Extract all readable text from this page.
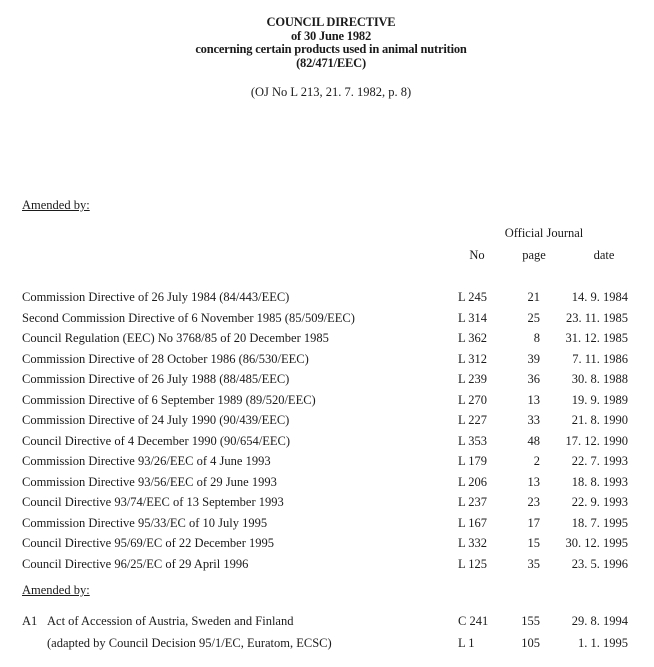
COUNCIL DIRECTIVE
of 30 June 1982
concerning certain products used in animal nutrition
(82/471/EEC)
(OJ No L 213, 21. 7. 1982, p. 8)
Amended by:
Official Journal
No	page	date
Commission Directive of 26 July 1984 (84/443/EEC)	L 245	21	14. 9. 1984
Second Commission Directive of 6 November 1985 (85/509/EEC)	L 314	25	23. 11. 1985
Council Regulation (EEC) No 3768/85 of 20 December 1985	L 362	8	31. 12. 1985
Commission Directive of 28 October 1986 (86/530/EEC)	L 312	39	7. 11. 1986
Commission Directive of 26 July 1988 (88/485/EEC)	L 239	36	30. 8. 1988
Commission Directive of 6 September 1989 (89/520/EEC)	L 270	13	19. 9. 1989
Commission Directive of 24 July 1990 (90/439/EEC)	L 227	33	21. 8. 1990
Council Directive of 4 December 1990 (90/654/EEC)	L 353	48	17. 12. 1990
Commission Directive 93/26/EEC of 4 June 1993	L 179	2	22. 7. 1993
Commission Directive 93/56/EEC of 29 June 1993	L 206	13	18. 8. 1993
Council Directive 93/74/EEC of 13 September 1993	L 237	23	22. 9. 1993
Commission Directive 95/33/EC of 10 July 1995	L 167	17	18. 7. 1995
Council Directive 95/69/EC of 22 December 1995	L 332	15	30. 12. 1995
Council Directive 96/25/EC of 29 April 1996	L 125	35	23. 5. 1996
Amended by:
A1 Act of Accession of Austria, Sweden and Finland	C 241	155	29. 8. 1994
(adapted by Council Decision 95/1/EC, Euratom, ECSC)	L 1	105	1. 1. 1995
